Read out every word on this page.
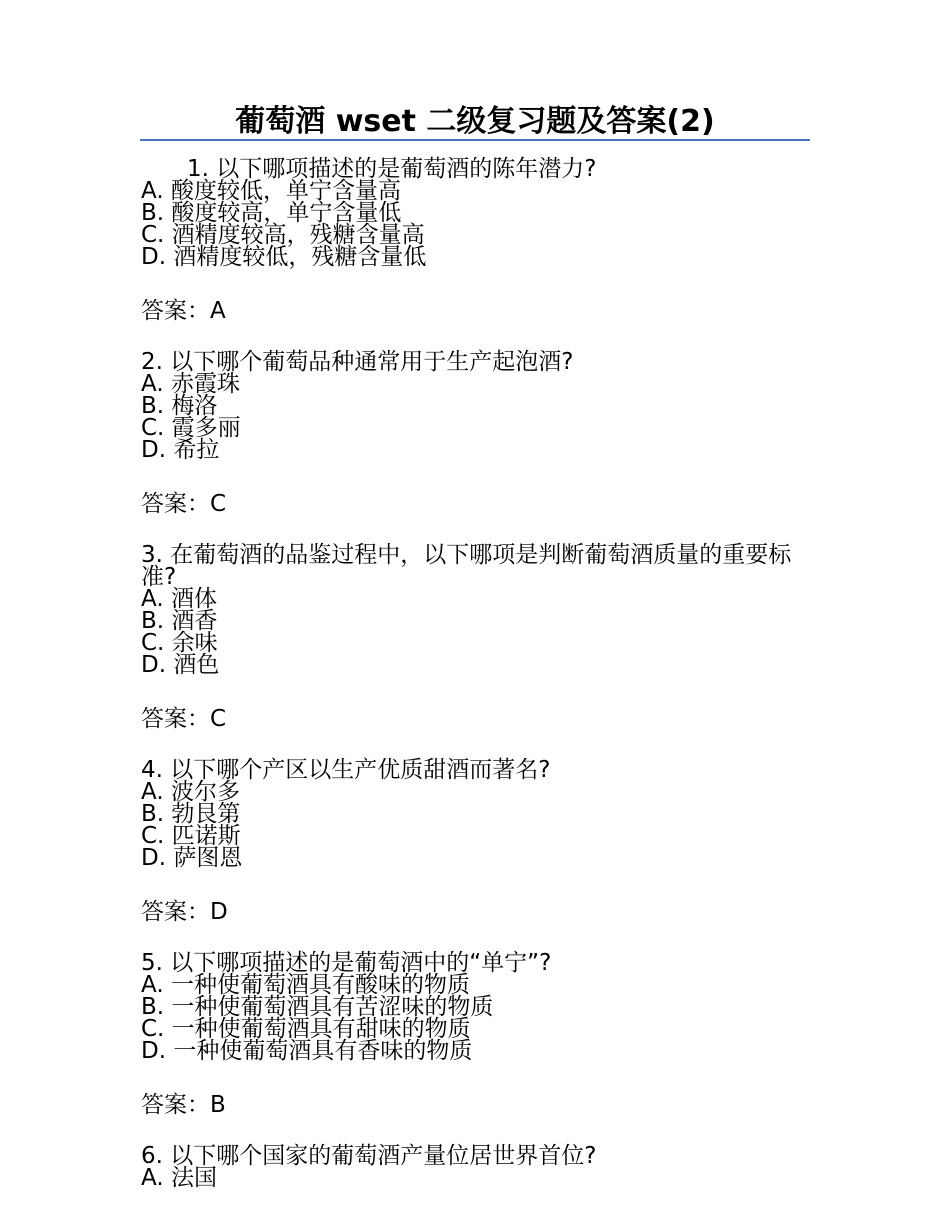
葡萄酒 wset 二级复习题及答案(2)
1. 以下哪项描述的是葡萄酒的陈年潜力?
A. 酸度较低，单宁含量高
B. 酸度较高，单宁含量低
C. 酒精度较高，残糖含量高
D. 酒精度较低，残糖含量低
答案：A
2. 以下哪个葡萄品种通常用于生产起泡酒?
A. 赤霞珠
B. 梅洛
C. 霞多丽
D. 希拉
答案：C
3. 在葡萄酒的品鉴过程中，以下哪项是判断葡萄酒质量的重要标准?
A. 酒体
B. 酒香
C. 余味
D. 酒色
答案：C
4. 以下哪个产区以生产优质甜酒而著名?
A. 波尔多
B. 勃艮第
C. 匹诺斯
D. 萨图恩
答案：D
5. 以下哪项描述的是葡萄酒中的“单宁”?
A. 一种使葡萄酒具有酸味的物质
B. 一种使葡萄酒具有苦涩味的物质
C. 一种使葡萄酒具有甜味的物质
D. 一种使葡萄酒具有香味的物质
答案：B
6. 以下哪个国家的葡萄酒产量位居世界首位?
A. 法国
